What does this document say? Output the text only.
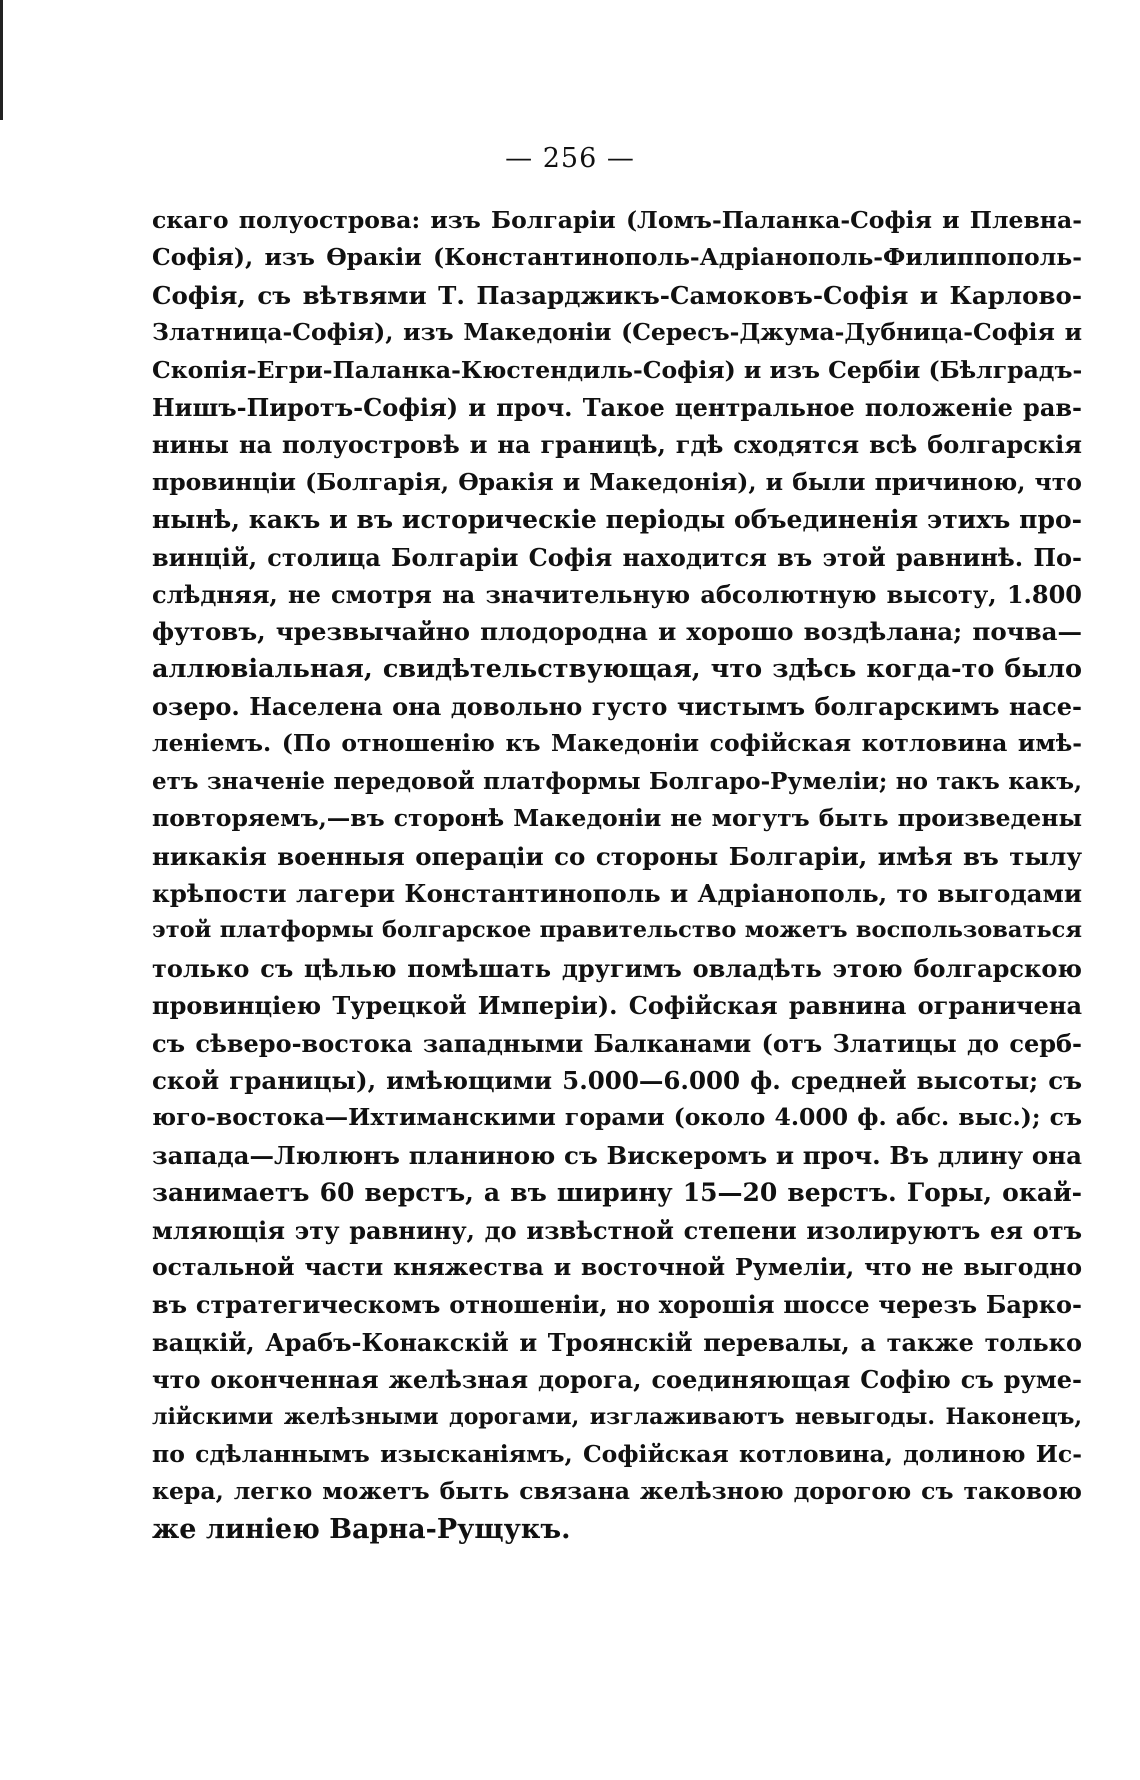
— 256 —
скаго полуострова: изъ Болгаріи (Ломъ-Паланка-Софія и Плевна-
Софія), изъ Ѳракіи (Константинополь-Адріанополь-Филиппополь-
Софія, съ вѣтвями Т. Пазарджикъ-Самоковъ-Софія и Карлово-
Златница-Софія), изъ Македоніи (Сересъ-Джума-Дубница-Софія и
Скопія-Егри-Паланка-Кюстендиль-Софія) и изъ Сербіи (Бѣлградъ-
Нишъ-Пиротъ-Софія) и проч. Такое центральное положеніе рав-
нины на полуостровѣ и на границѣ, гдѣ сходятся всѣ болгарскія
провинціи (Болгарія, Ѳракія и Македонія), и были причиною, что
нынѣ, какъ и въ историческіе періоды объединенія этихъ про-
винцій, столица Болгаріи Софія находится въ этой равнинѣ. По-
слѣдняя, не смотря на значительную абсолютную высоту, 1.800
футовъ, чрезвычайно плодородна и хорошо воздѣлана; почва—
аллювіальная, свидѣтельствующая, что здѣсь когда-то было
озеро. Населена она довольно густо чистымъ болгарскимъ насе-
леніемъ. (По отношенію къ Македоніи софійская котловина имѣ-
етъ значеніе передовой платформы Болгаро-Румеліи; но такъ какъ,
повторяемъ,—въ сторонѣ Македоніи не могутъ быть произведены
никакія военныя операціи со стороны Болгаріи, имѣя въ тылу
крѣпости лагери Константинополь и Адріанополь, то выгодами
этой платформы болгарское правительство можетъ воспользоваться
только съ цѣлью помѣшать другимъ овладѣть этою болгарскою
провинціею Турецкой Имперіи). Софійская равнина ограничена
съ сѣверо-востока западными Балканами (отъ Златицы до серб-
ской границы), имѣющими 5.000—6.000 ф. средней высоты; съ
юго-востока—Ихтиманскими горами (около 4.000 ф. абс. выс.); съ
запада—Люлюнъ планиною съ Вискеромъ и проч. Въ длину она
занимаетъ 60 верстъ, а въ ширину 15—20 верстъ. Горы, окай-
мляющія эту равнину, до извѣстной степени изолируютъ ея отъ
остальной части княжества и восточной Румеліи, что не выгодно
въ стратегическомъ отношеніи, но хорошія шоссе черезъ Барко-
вацкій, Арабъ-Конакскій и Троянскій перевалы, а также только
что оконченная желѣзная дорога, соединяющая Софію съ руме-
лійскими желѣзными дорогами, изглаживаютъ невыгоды. Наконецъ,
по сдѣланнымъ изысканіямъ, Софійская котловина, долиною Ис-
кера, легко можетъ быть связана желѣзною дорогою съ таковою
же линіею Варна-Рущукъ.
